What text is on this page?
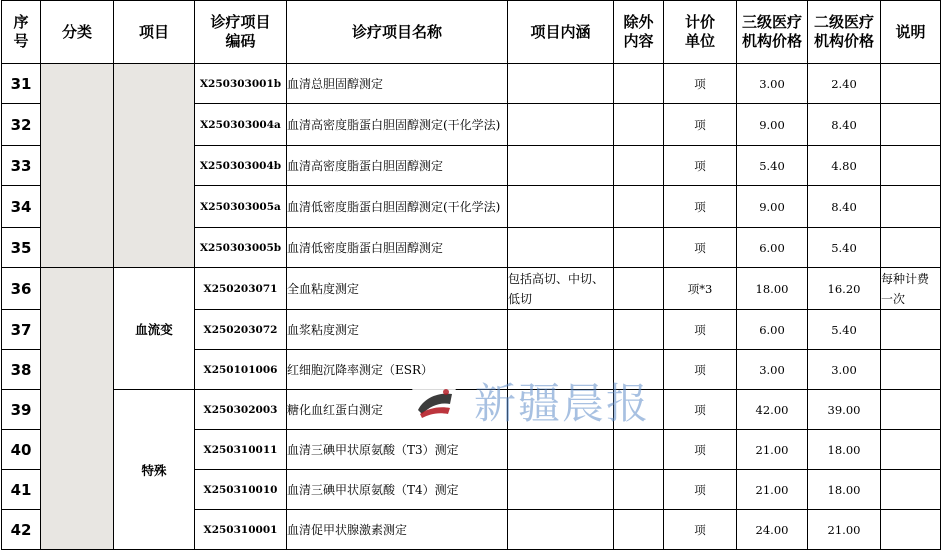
序号	分类	项目	诊疗项目编码	诊疗项目名称	项目内涵	除外内容	计价单位	三级医疗机构价格	二级医疗机构价格	说明
31			X250303001b	血清总胆固醇测定			项	3.00	2.40	
32			X250303004a	血清高密度脂蛋白胆固醇测定(干化学法)			项	9.00	8.40	
33			X250303004b	血清高密度脂蛋白胆固醇测定			项	5.40	4.80	
34			X250303005a	血清低密度脂蛋白胆固醇测定(干化学法)			项	9.00	8.40	
35			X250303005b	血清低密度脂蛋白胆固醇测定			项	6.00	5.40	
36		血流变	X250203071	全血粘度测定	包括高切、中切、低切		项*3	18.00	16.20	每种计费一次
37			X250203072	血浆粘度测定			项	6.00	5.40	
38			X250101006	红细胞沉降率测定（ESR）			项	3.00	3.00	
39		特殊	X250302003	糖化血红蛋白测定			项	42.00	39.00	
40			X250310011	血清三碘甲状原氨酸（T3）测定			项	21.00	18.00	
41			X250310010	血清三碘甲状原氨酸（T4）测定			项	21.00	18.00	
42			X250310001	血清促甲状腺激素测定			项	24.00	21.00	
新疆晨报
